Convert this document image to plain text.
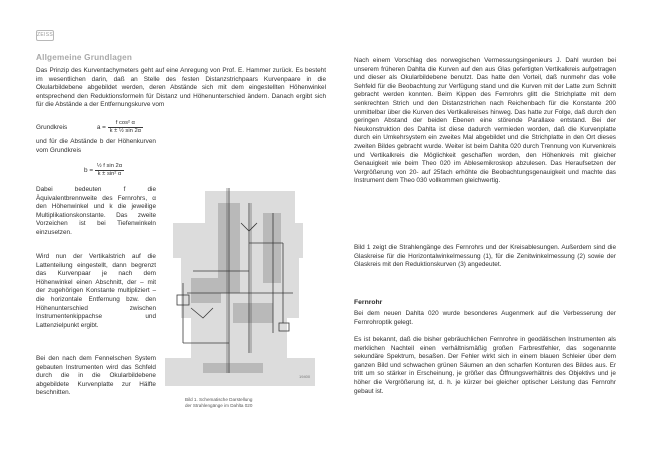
ZEISS
Allgemeine Grundlagen

Das Prinzip des Kurventachymeters geht auf eine Anregung von Prof. E. Hammer zurück. Es besteht im wesentlichen darin, daß an Stelle des festen Distanzstrichpaars Kurvenpaare in die Okularbildebene abgebildet werden, deren Abstände sich mit dem eingestellten Höhenwinkel entsprechend den Reduktionsformeln für Distanz und Höhenunterschied ändern. Danach ergibt sich für die Abstände a der Entfernungskurve vom

Grundkreis	$a = \frac{\text{f cos² α}}{\text{k ± ½ sin 2α}}$

und für die Abstände b der Höhenkurven vom Grundkreis

$b = \frac{\text{½ f sin 2α}}{\text{k ± sin² α}}$

Dabei bedeuten f die Äquivalentbrennweite des Fernrohrs, α den Höhenwinkel und k die jeweilige Multiplikationskonstante. Das zweite Vorzeichen ist bei Tiefenwinkeln einzusetzen.

Wird nun der Vertikalstrich auf die Lattenteilung eingestellt, dann begrenzt das Kurvenpaar je nach dem Höhenwinkel einen Abschnitt, der – mit der zugehörigen Konstante multipliziert – die horizontale Entfernung bzw. den Höhenunterschied zwischen Instrumentenkippachse und Lattenzielpunkt ergibt.

Bei den nach dem Fennelschen System gebauten Instrumenten wird das Schfeld durch die in die Okularbildebene abgebildete Kurvenplatte zur Hälfte beschnitten.

19400
Bild 1. Schematische Darstellung
der Strahlengänge im Dahlta 020

Nach einem Vorschlag des norwegischen Vermessungsingenieurs J. Dahl wurden bei unserem früheren Dahlta die Kurven auf den aus Glas gefertigten Vertikalkreis aufgetragen und dieser als Okularbildebene benutzt. Das hatte den Vorteil, daß nunmehr das volle Sehfeld für die Beobachtung zur Verfügung stand und die Kurven mit der Latte zum Schnitt gebracht werden konnten. Beim Kippen des Fernrohrs glitt die Strichplatte mit dem senkrechten Strich und den Distanzstrichen nach Reichenbach für die Konstante 200 unmittelbar über die Kurven des Vertikalkreises hinweg. Das hatte zur Folge, daß durch den geringen Abstand der beiden Ebenen eine störende Parallaxe entstand. Bei der Neukonstruktion des Dahlta ist diese dadurch vermieden worden, daß die Kurvenplatte durch ein Umkehrsystem ein zweites Mal abgebildet und die Strichplatte in den Ort dieses zweiten Bildes gebracht wurde. Weiter ist beim Dahlta 020 durch Trennung von Kurvenkreis und Vertikalkreis die Möglichkeit geschaffen worden, den Höhenkreis mit gleicher Genauigkeit wie beim Theo 020 im Ablesemikroskop abzulesen. Das Heraufsetzen der Vergrößerung von 20- auf 25fach erhöhte die Beobachtungsgenauigkeit und machte das Instrument dem Theo 030 vollkommen gleichwertig.

Bild 1 zeigt die Strahlengänge des Fernrohrs und der Kreisablesungen. Außerdem sind die Glaskreise für die Horizontalwinkelmessung (1), für die Zenitwinkelmessung (2) sowie der Glaskreis mit den Reduktionskurven (3) angedeutet.

Fernrohr

Bei dem neuen Dahlta 020 wurde besonderes Augenmerk auf die Verbesserung der Fernrohroptik gelegt.

Es ist bekannt, daß die bisher gebräuchlichen Fernrohre in geodätischen Instrumenten als merklichen Nachteil einen verhältnismäßig großen Farbrestfehler, das sogenannte sekundäre Spektrum, besaßen. Der Fehler wirkt sich in einem blauen Schleier über dem ganzen Bild und schwachen grünen Säumen an den scharfen Konturen des Bildes aus. Er tritt um so stärker in Erscheinung, je größer das Öffnungsverhältnis des Objektivs und je höher die Vergrößerung ist, d. h. je kürzer bei gleicher optischer Leistung das Fernrohr gebaut ist.
